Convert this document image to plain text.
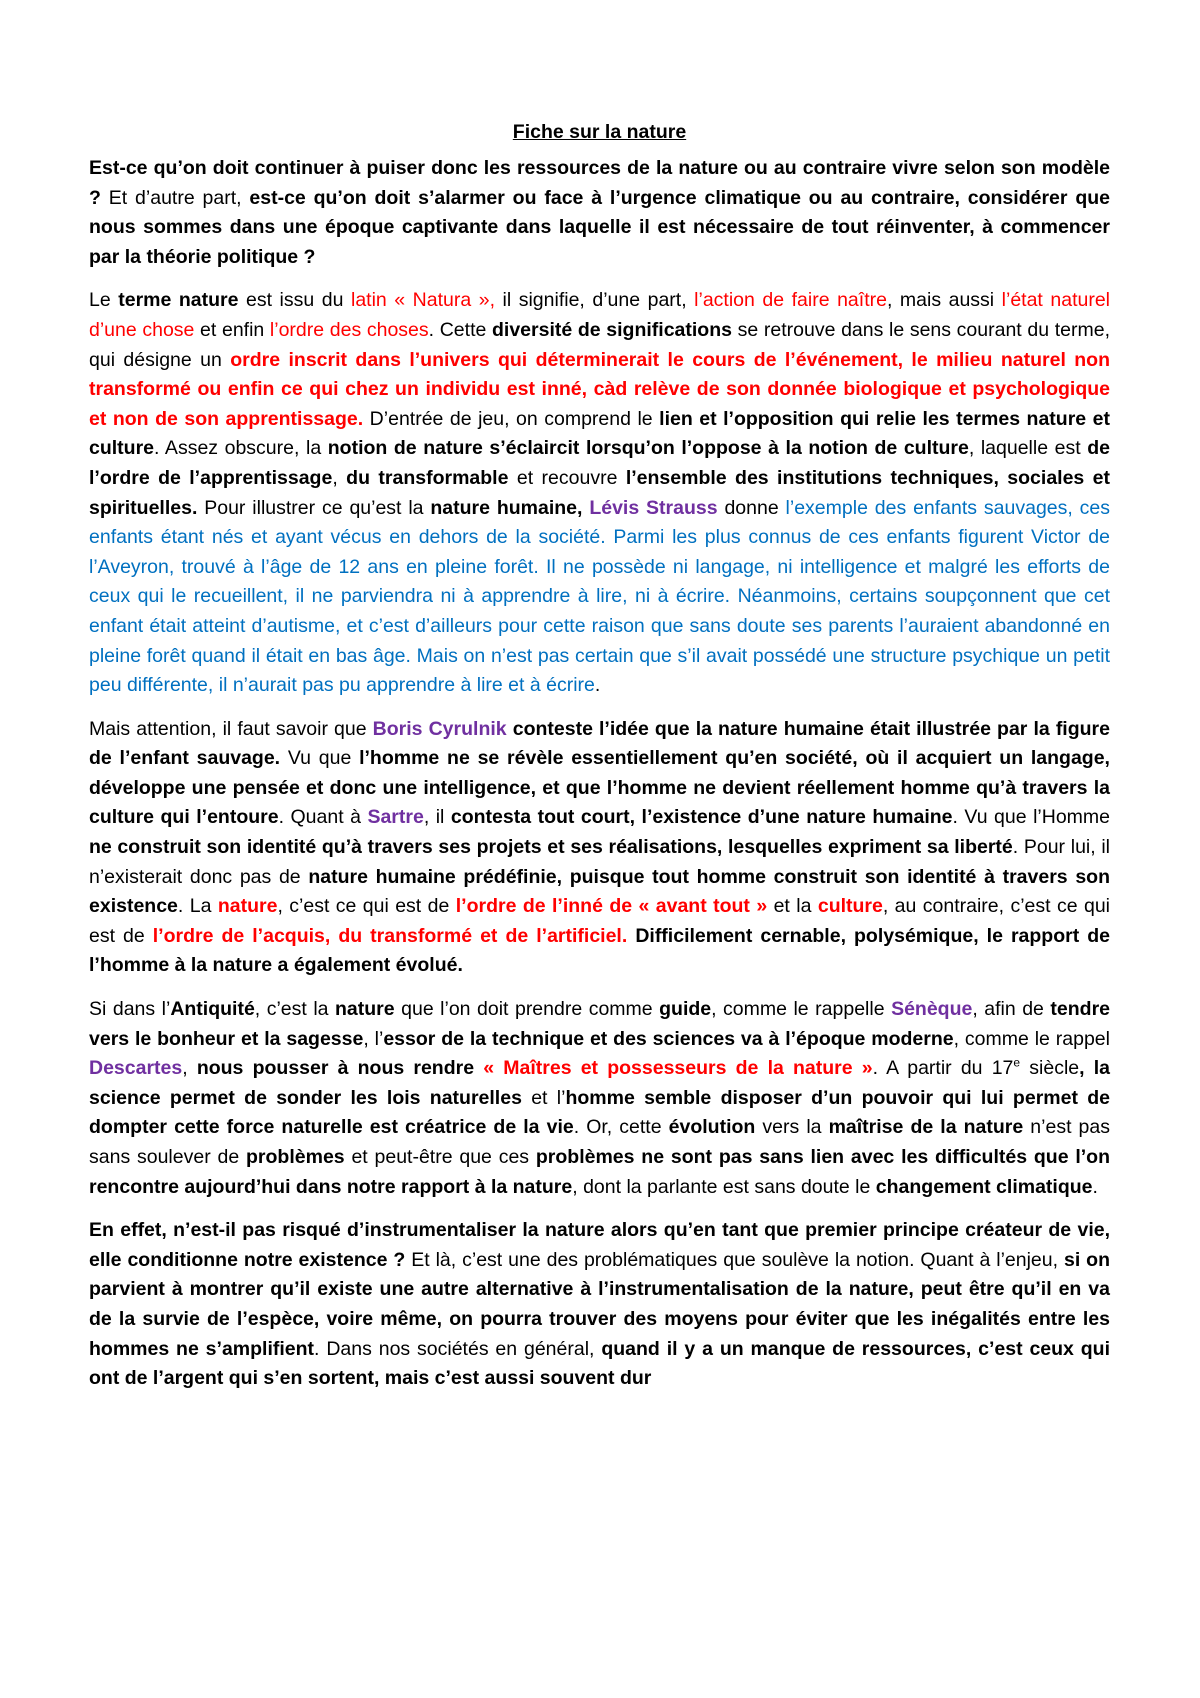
Fiche sur la nature

Est-ce qu’on doit continuer à puiser donc les ressources de la nature ou au contraire vivre selon son modèle ? Et d’autre part, est-ce qu’on doit s’alarmer ou face à l’urgence climatique ou au contraire, considérer que nous sommes dans une époque captivante dans laquelle il est nécessaire de tout réinventer, à commencer par la théorie politique ?

Le terme nature est issu du latin « Natura », il signifie, d’une part, l’action de faire naître, mais aussi l’état naturel d’une chose et enfin l’ordre des choses. Cette diversité de significations se retrouve dans le sens courant du terme, qui désigne un ordre inscrit dans l’univers qui déterminerait le cours de l’événement, le milieu naturel non transformé ou enfin ce qui chez un individu est inné, càd relève de son donnée biologique et psychologique et non de son apprentissage. D’entrée de jeu, on comprend le lien et l’opposition qui relie les termes nature et culture. Assez obscure, la notion de nature s’éclaircit lorsqu’on l’oppose à la notion de culture, laquelle est de l’ordre de l’apprentissage, du transformable et recouvre l’ensemble des institutions techniques, sociales et spirituelles. Pour illustrer ce qu’est la nature humaine, Lévis Strauss donne l’exemple des enfants sauvages, ces enfants étant nés et ayant vécus en dehors de la société. Parmi les plus connus de ces enfants figurent Victor de l’Aveyron, trouvé à l’âge de 12 ans en pleine forêt. Il ne possède ni langage, ni intelligence et malgré les efforts de ceux qui le recueillent, il ne parviendra ni à apprendre à lire, ni à écrire. Néanmoins, certains soupçonnent que cet enfant était atteint d’autisme, et c’est d’ailleurs pour cette raison que sans doute ses parents l’auraient abandonné en pleine forêt quand il était en bas âge. Mais on n’est pas certain que s’il avait possédé une structure psychique un petit peu différente, il n’aurait pas pu apprendre à lire et à écrire.

Mais attention, il faut savoir que Boris Cyrulnik conteste l’idée que la nature humaine était illustrée par la figure de l’enfant sauvage. Vu que l’homme ne se révèle essentiellement qu’en société, où il acquiert un langage, développe une pensée et donc une intelligence, et que l’homme ne devient réellement homme qu’à travers la culture qui l’entoure. Quant à Sartre, il contesta tout court, l’existence d’une nature humaine. Vu que l’Homme ne construit son identité qu’à travers ses projets et ses réalisations, lesquelles expriment sa liberté. Pour lui, il n’existerait donc pas de nature humaine prédéfinie, puisque tout homme construit son identité à travers son existence. La nature, c’est ce qui est de l’ordre de l’inné de « avant tout » et la culture, au contraire, c’est ce qui est de l’ordre de l’acquis, du transformé et de l’artificiel. Difficilement cernable, polysémique, le rapport de l’homme à la nature a également évolué.

Si dans l’Antiquité, c’est la nature que l’on doit prendre comme guide, comme le rappelle Sénèque, afin de tendre vers le bonheur et la sagesse, l’essor de la technique et des sciences va à l’époque moderne, comme le rappel Descartes, nous pousser à nous rendre « Maîtres et possesseurs de la nature ». A partir du 17e siècle, la science permet de sonder les lois naturelles et l’homme semble disposer d’un pouvoir qui lui permet de dompter cette force naturelle est créatrice de la vie. Or, cette évolution vers la maîtrise de la nature n’est pas sans soulever de problèmes et peut-être que ces problèmes ne sont pas sans lien avec les difficultés que l’on rencontre aujourd’hui dans notre rapport à la nature, dont la parlante est sans doute le changement climatique.

En effet, n’est-il pas risqué d’instrumentaliser la nature alors qu’en tant que premier principe créateur de vie, elle conditionne notre existence ? Et là, c’est une des problématiques que soulève la notion. Quant à l’enjeu, si on parvient à montrer qu’il existe une autre alternative à l’instrumentalisation de la nature, peut être qu’il en va de la survie de l’espèce, voire même, on pourra trouver des moyens pour éviter que les inégalités entre les hommes ne s’amplifient. Dans nos sociétés en général, quand il y a un manque de ressources, c’est ceux qui ont de l’argent qui s’en sortent, mais c’est aussi souvent dur
